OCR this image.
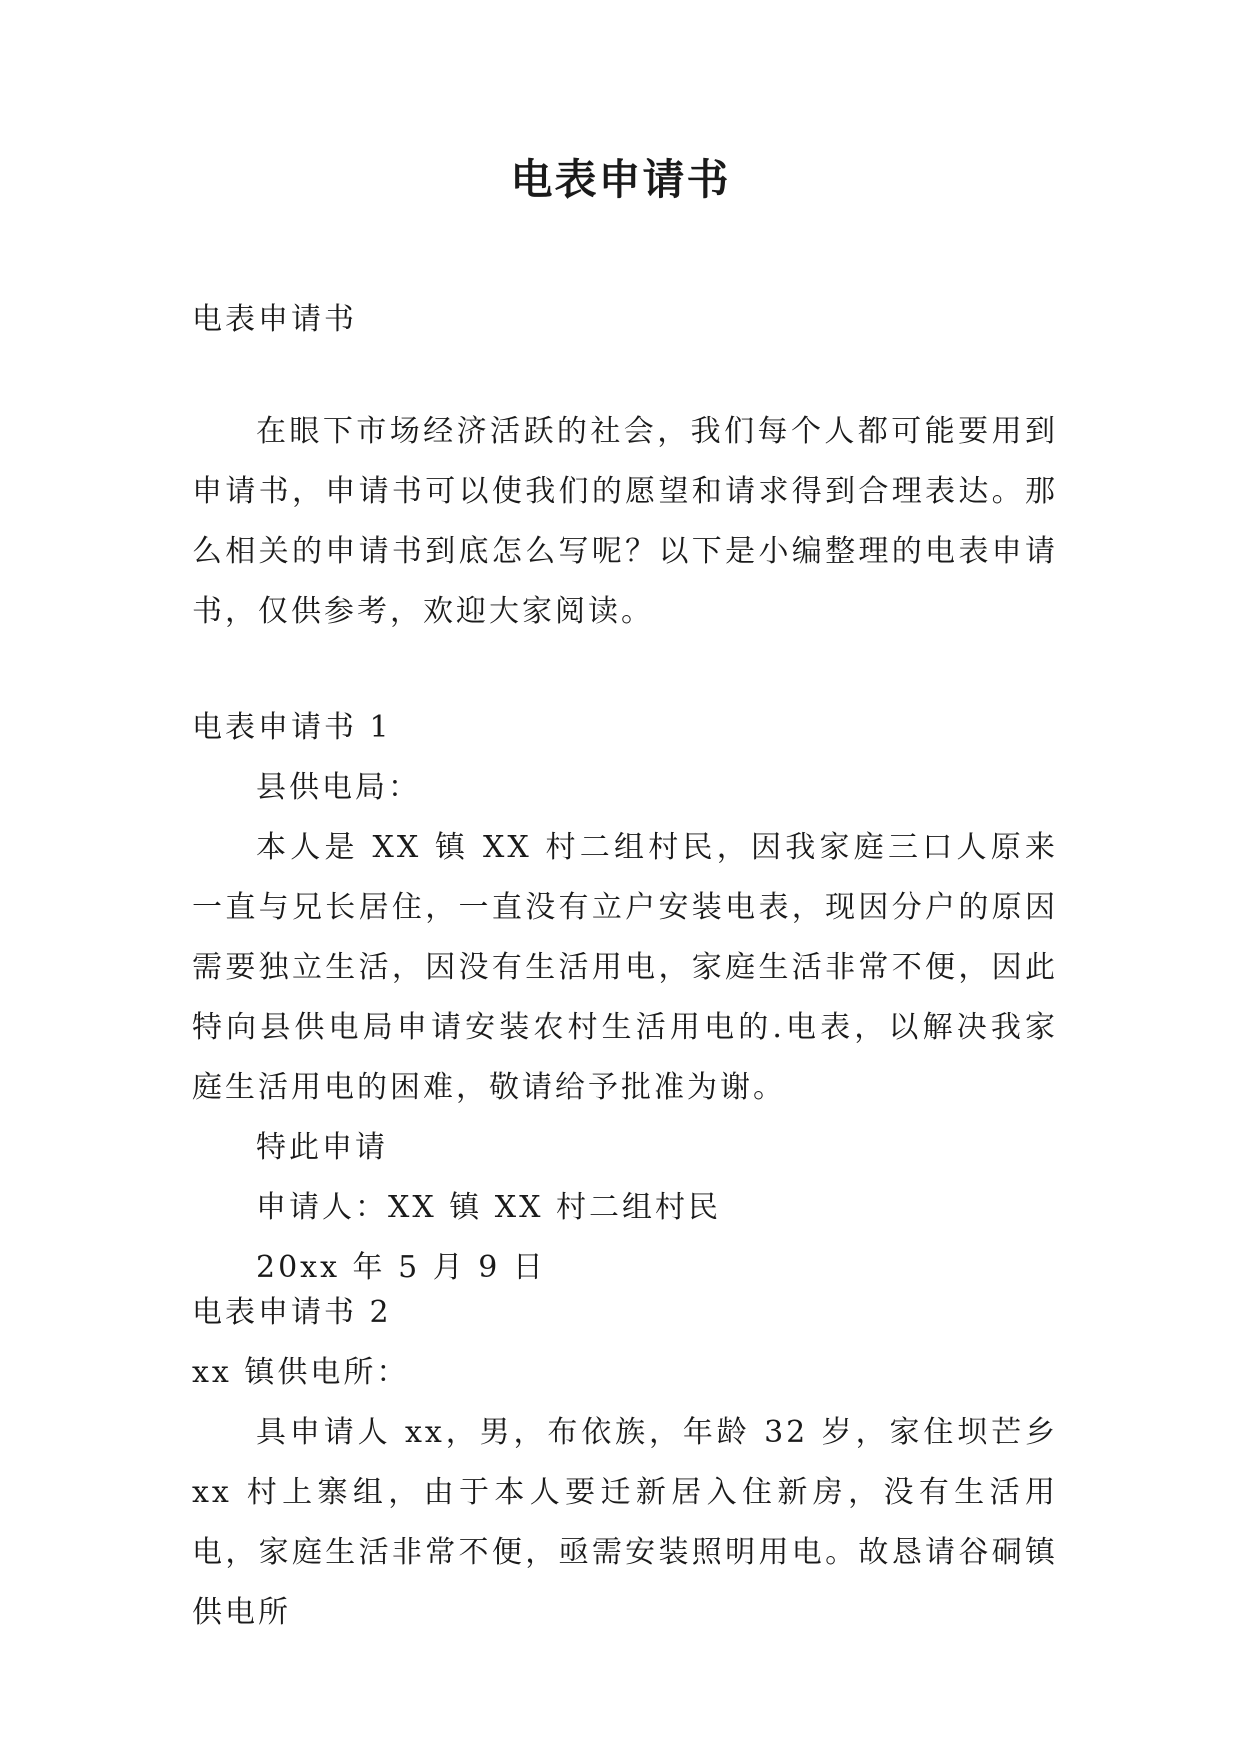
电表申请书

电表申请书

在眼下市场经济活跃的社会，我们每个人都可能要用到申请书，申请书可以使我们的愿望和请求得到合理表达。那么相关的申请书到底怎么写呢？以下是小编整理的电表申请书，仅供参考，欢迎大家阅读。

电表申请书 1

县供电局：

本人是 XX 镇 XX 村二组村民，因我家庭三口人原来一直与兄长居住，一直没有立户安装电表，现因分户的原因需要独立生活，因没有生活用电，家庭生活非常不便，因此特向县供电局申请安装农村生活用电的.电表，以解决我家庭生活用电的困难，敬请给予批准为谢。

特此申请

申请人：XX 镇 XX 村二组村民

20xx 年 5 月 9 日

电表申请书 2

xx 镇供电所：

具申请人 xx，男，布依族，年龄 32 岁，家住坝芒乡 xx 村上寨组，由于本人要迁新居入住新房，没有生活用电，家庭生活非常不便，亟需安装照明用电。故恳请谷硐镇供电所
